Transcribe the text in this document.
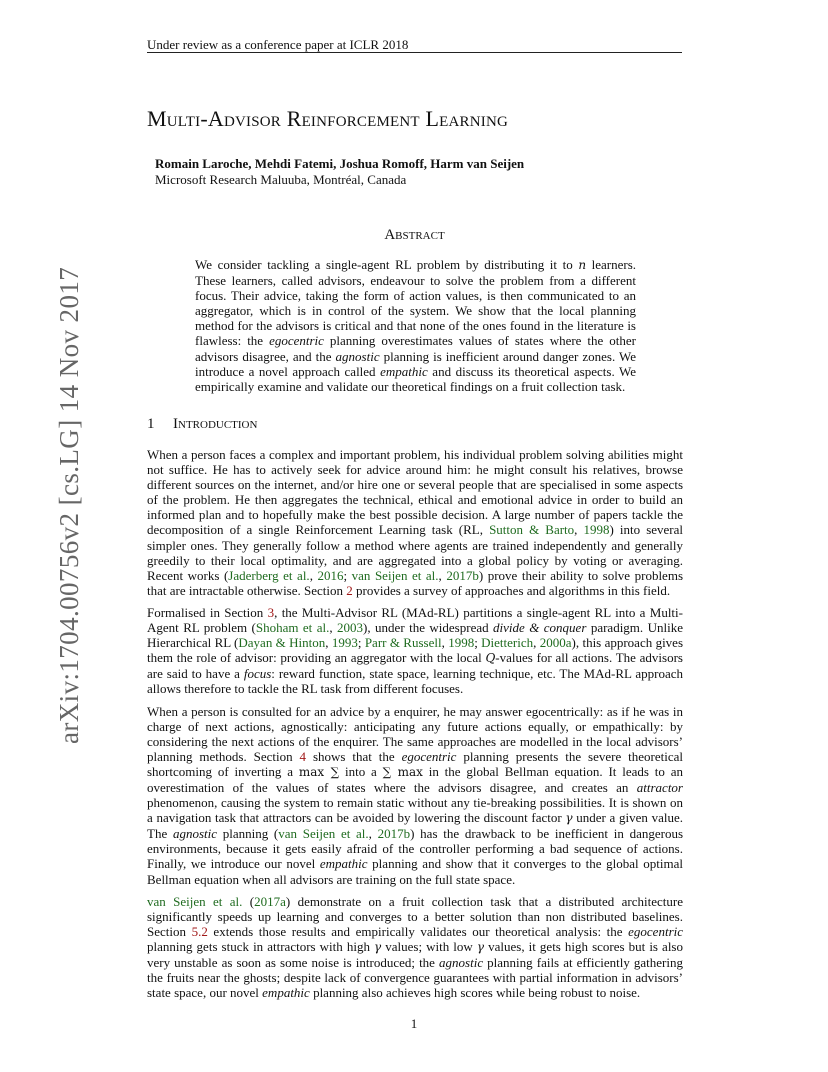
Under review as a conference paper at ICLR 2018
arXiv:1704.00756v2 [cs.LG] 14 Nov 2017
Multi-Advisor Reinforcement Learning
Romain Laroche, Mehdi Fatemi, Joshua Romoff, Harm van Seijen
Microsoft Research Maluuba, Montréal, Canada
Abstract

We consider tackling a single-agent RL problem by distributing it to n learners. These learners, called advisors, endeavour to solve the problem from a different focus. Their advice, taking the form of action values, is then communicated to an aggregator, which is in control of the system. We show that the local planning method for the advisors is critical and that none of the ones found in the literature is flawless: the egocentric planning overestimates values of states where the other advisors disagree, and the agnostic planning is inefficient around danger zones. We introduce a novel approach called empathic and discuss its theoretical aspects. We empirically examine and validate our theoretical findings on a fruit collection task.

1 Introduction

When a person faces a complex and important problem, his individual problem solving abilities might not suffice. He has to actively seek for advice around him: he might consult his relatives, browse different sources on the internet, and/or hire one or several people that are specialised in some aspects of the problem. He then aggregates the technical, ethical and emotional advice in order to build an informed plan and to hopefully make the best possible decision. A large number of papers tackle the decomposition of a single Reinforcement Learning task (RL, Sutton & Barto, 1998) into several simpler ones. They generally follow a method where agents are trained independently and generally greedily to their local optimality, and are aggregated into a global policy by voting or averaging. Recent works (Jaderberg et al., 2016; van Seijen et al., 2017b) prove their ability to solve problems that are intractable otherwise. Section 2 provides a survey of approaches and algorithms in this field.

Formalised in Section 3, the Multi-Advisor RL (MAd-RL) partitions a single-agent RL into a Multi-Agent RL problem (Shoham et al., 2003), under the widespread divide & conquer paradigm. Unlike Hierarchical RL (Dayan & Hinton, 1993; Parr & Russell, 1998; Dietterich, 2000a), this approach gives them the role of advisor: providing an aggregator with the local Q-values for all actions. The advisors are said to have a focus: reward function, state space, learning technique, etc. The MAd-RL approach allows therefore to tackle the RL task from different focuses.

When a person is consulted for an advice by a enquirer, he may answer egocentrically: as if he was in charge of next actions, agnostically: anticipating any future actions equally, or empathically: by considering the next actions of the enquirer. The same approaches are modelled in the local advisors’ planning methods. Section 4 shows that the egocentric planning presents the severe theoretical shortcoming of inverting a max ∑ into a ∑ max in the global Bellman equation. It leads to an overestimation of the values of states where the advisors disagree, and creates an attractor phenomenon, causing the system to remain static without any tie-breaking possibilities. It is shown on a navigation task that attractors can be avoided by lowering the discount factor γ under a given value. The agnostic planning (van Seijen et al., 2017b) has the drawback to be inefficient in dangerous environments, because it gets easily afraid of the controller performing a bad sequence of actions. Finally, we introduce our novel empathic planning and show that it converges to the global optimal Bellman equation when all advisors are training on the full state space.

van Seijen et al. (2017a) demonstrate on a fruit collection task that a distributed architecture significantly speeds up learning and converges to a better solution than non distributed baselines. Section 5.2 extends those results and empirically validates our theoretical analysis: the egocentric planning gets stuck in attractors with high γ values; with low γ values, it gets high scores but is also very unstable as soon as some noise is introduced; the agnostic planning fails at efficiently gathering the fruits near the ghosts; despite lack of convergence guarantees with partial information in advisors’ state space, our novel empathic planning also achieves high scores while being robust to noise.

1
